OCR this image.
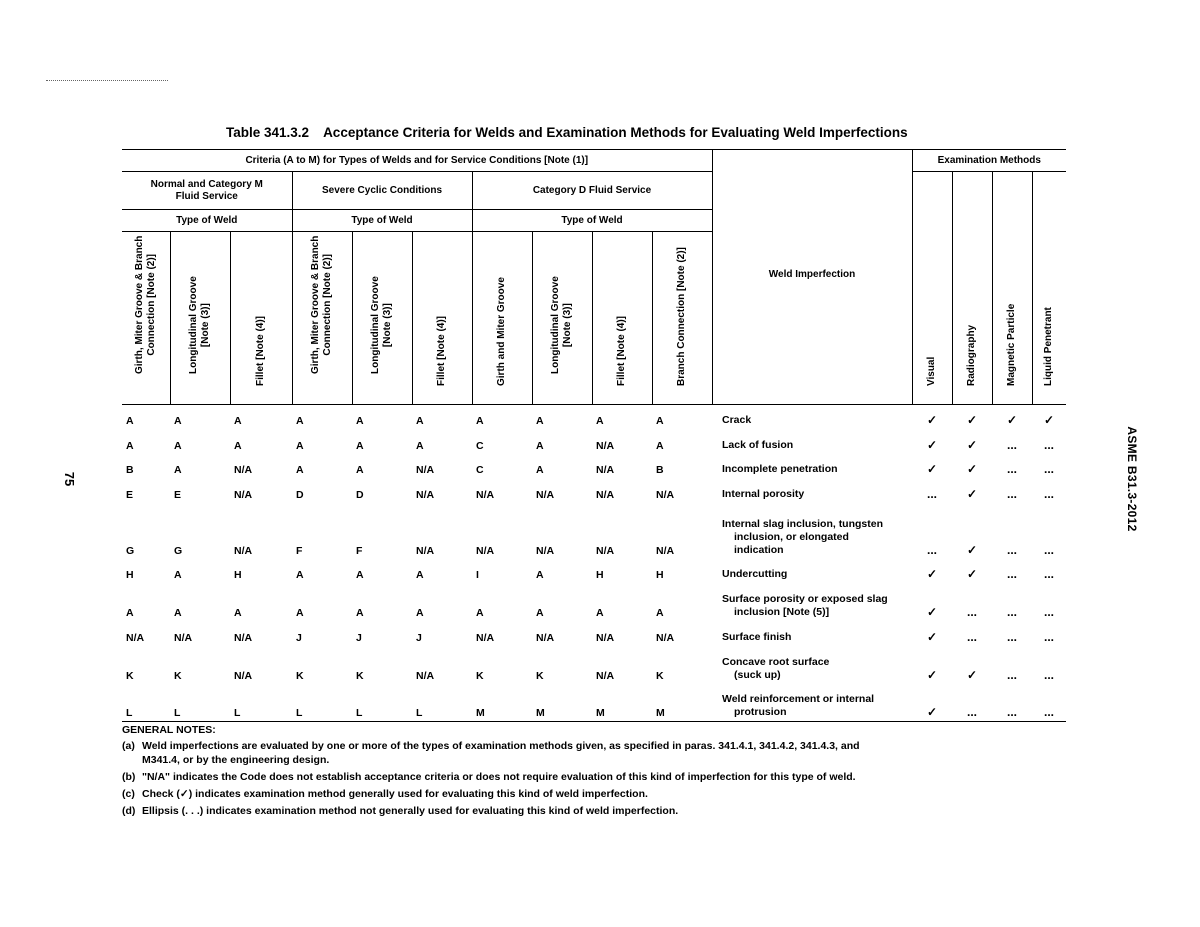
75	ASME B31.3-2012
Table 341.3.2 Acceptance Criteria for Welds and Examination Methods for Evaluating Weld Imperfections
Criteria (A to M) for Types of Welds and for Service Conditions [Note (1)]										Weld Imperfection	Examination Methods			
Normal and Category M Fluid Service			Severe Cyclic Conditions			Category D Fluid Service					Visual	Radiography	Magnetic Particle	Liquid Penetrant

Type of Weld			Type of Weld			Type of Weld								

Girth, Miter Groove & Branch Connection [Note (2)]	Longitudinal Groove [Note (3)]	Fillet [Note (4)]	Girth, Miter Groove & Branch Connection [Note (2)]	Longitudinal Groove [Note (3)]	Fillet [Note (4)]	Girth and Miter Groove	Longitudinal Groove [Note (3)]	Fillet [Note (4)]	Branch Connection [Note (2)]					

A	A	A	A	A	A	A	A	A	A	Crack	✓	✓	✓	✓
A	A	A	A	A	A	C	A	N/A	A	Lack of fusion	✓	✓	...	...
B	A	N/A	A	A	N/A	C	A	N/A	B	Incomplete penetration	✓	✓	...	...
E	E	N/A	D	D	N/A	N/A	N/A	N/A	N/A	Internal porosity	...	✓	...	...
G	G	N/A	F	F	N/A	N/A	N/A	N/A	N/A	Internal slag inclusion, tungsten
inclusion, or elongated
indication	...	✓	...	...
H	A	H	A	A	A	I	A	H	H	Undercutting	✓	✓	...	...
A	A	A	A	A	A	A	A	A	A	Surface porosity or exposed slag
inclusion [Note (5)]	✓	...	...	...
N/A	N/A	N/A	J	J	J	N/A	N/A	N/A	N/A	Surface finish	✓	...	...	...
K	K	N/A	K	K	N/A	K	K	N/A	K	Concave root surface
(suck up)	✓	✓	...	...
L	L	L	L	L	L	M	M	M	M	Weld reinforcement or internal
protrusion	✓	...	...	...
GENERAL NOTES:
(a) Weld imperfections are evaluated by one or more of the types of examination methods given, as specified in paras. 341.4.1, 341.4.2, 341.4.3, and M341.4, or by the engineering design.
(b) "N/A" indicates the Code does not establish acceptance criteria or does not require evaluation of this kind of imperfection for this type of weld.
(c) Check (✓) indicates examination method generally used for evaluating this kind of weld imperfection.
(d) Ellipsis (. . .) indicates examination method not generally used for evaluating this kind of weld imperfection.
